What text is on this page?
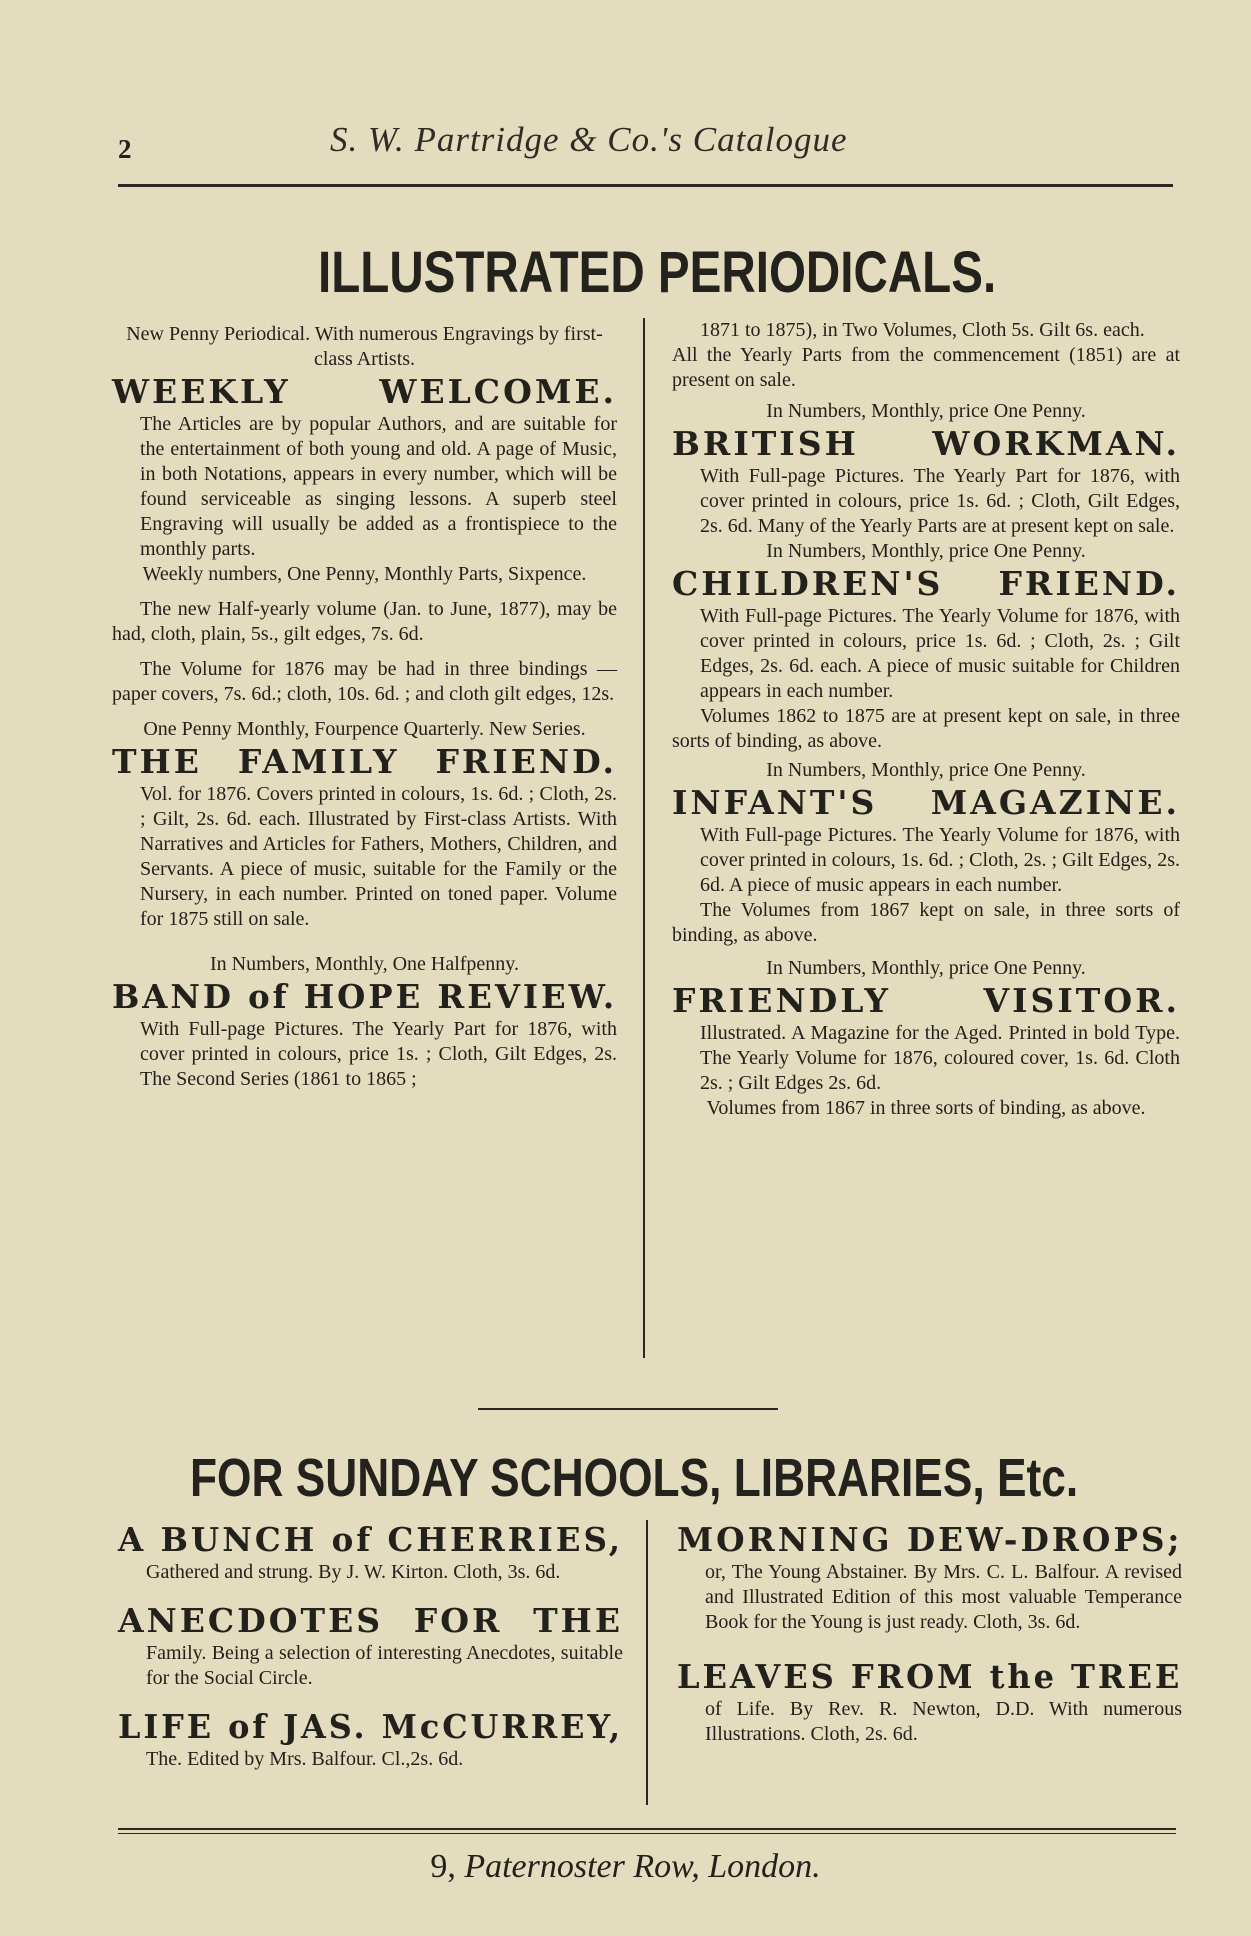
2	S. W. Partridge & Co.'s Catalogue
ILLUSTRATED PERIODICALS.

New Penny Periodical. With numerous Engravings by first-class Artists.

WEEKLY WELCOME.

The Articles are by popular Authors, and are suitable for the entertainment of both young and old. A page of Music, in both Notations, appears in every number, which will be found serviceable as singing lessons. A superb steel Engraving will usually be added as a frontispiece to the monthly parts.

Weekly numbers, One Penny, Monthly Parts, Sixpence.

The new Half-yearly volume (Jan. to June, 1877), may be had, cloth, plain, 5s., gilt edges, 7s. 6d.

The Volume for 1876 may be had in three bindings — paper covers, 7s. 6d.; cloth, 10s. 6d. ; and cloth gilt edges, 12s.

One Penny Monthly, Fourpence Quarterly. New Series.

THE FAMILY FRIEND.

Vol. for 1876. Covers printed in colours, 1s. 6d. ; Cloth, 2s. ; Gilt, 2s. 6d. each. Illustrated by First-class Artists. With Narratives and Articles for Fathers, Mothers, Children, and Servants. A piece of music, suitable for the Family or the Nursery, in each number. Printed on toned paper. Volume for 1875 still on sale.

In Numbers, Monthly, One Halfpenny.

BAND of HOPE REVIEW.

With Full-page Pictures. The Yearly Part for 1876, with cover printed in colours, price 1s. ; Cloth, Gilt Edges, 2s. The Second Series (1861 to 1865 ;

1871 to 1875), in Two Volumes, Cloth 5s. Gilt 6s. each.

All the Yearly Parts from the commencement (1851) are at present on sale.

In Numbers, Monthly, price One Penny.

BRITISH WORKMAN.

With Full-page Pictures. The Yearly Part for 1876, with cover printed in colours, price 1s. 6d. ; Cloth, Gilt Edges, 2s. 6d. Many of the Yearly Parts are at present kept on sale.

In Numbers, Monthly, price One Penny.

CHILDREN'S FRIEND.

With Full-page Pictures. The Yearly Volume for 1876, with cover printed in colours, price 1s. 6d. ; Cloth, 2s. ; Gilt Edges, 2s. 6d. each. A piece of music suitable for Children appears in each number.

Volumes 1862 to 1875 are at present kept on sale, in three sorts of binding, as above.

In Numbers, Monthly, price One Penny.

INFANT'S MAGAZINE.

With Full-page Pictures. The Yearly Volume for 1876, with cover printed in colours, 1s. 6d. ; Cloth, 2s. ; Gilt Edges, 2s. 6d. A piece of music appears in each number.

The Volumes from 1867 kept on sale, in three sorts of binding, as above.

In Numbers, Monthly, price One Penny.

FRIENDLY VISITOR.

Illustrated. A Magazine for the Aged. Printed in bold Type. The Yearly Volume for 1876, coloured cover, 1s. 6d. Cloth 2s. ; Gilt Edges 2s. 6d.

Volumes from 1867 in three sorts of binding, as above.

FOR SUNDAY SCHOOLS, LIBRARIES, Etc.
A BUNCH of CHERRIES,

Gathered and strung. By J. W. Kirton. Cloth, 3s. 6d.

ANECDOTES FOR THE

Family. Being a selection of interesting Anecdotes, suitable for the Social Circle.

LIFE of JAS. McCURREY,

The. Edited by Mrs. Balfour. Cl.,2s. 6d.

MORNING DEW-DROPS;

or, The Young Abstainer. By Mrs. C. L. Balfour. A revised and Illustrated Edition of this most valuable Temperance Book for the Young is just ready. Cloth, 3s. 6d.

LEAVES FROM the TREE

of Life. By Rev. R. Newton, D.D. With numerous Illustrations. Cloth, 2s. 6d.

9, Paternoster Row, London.
